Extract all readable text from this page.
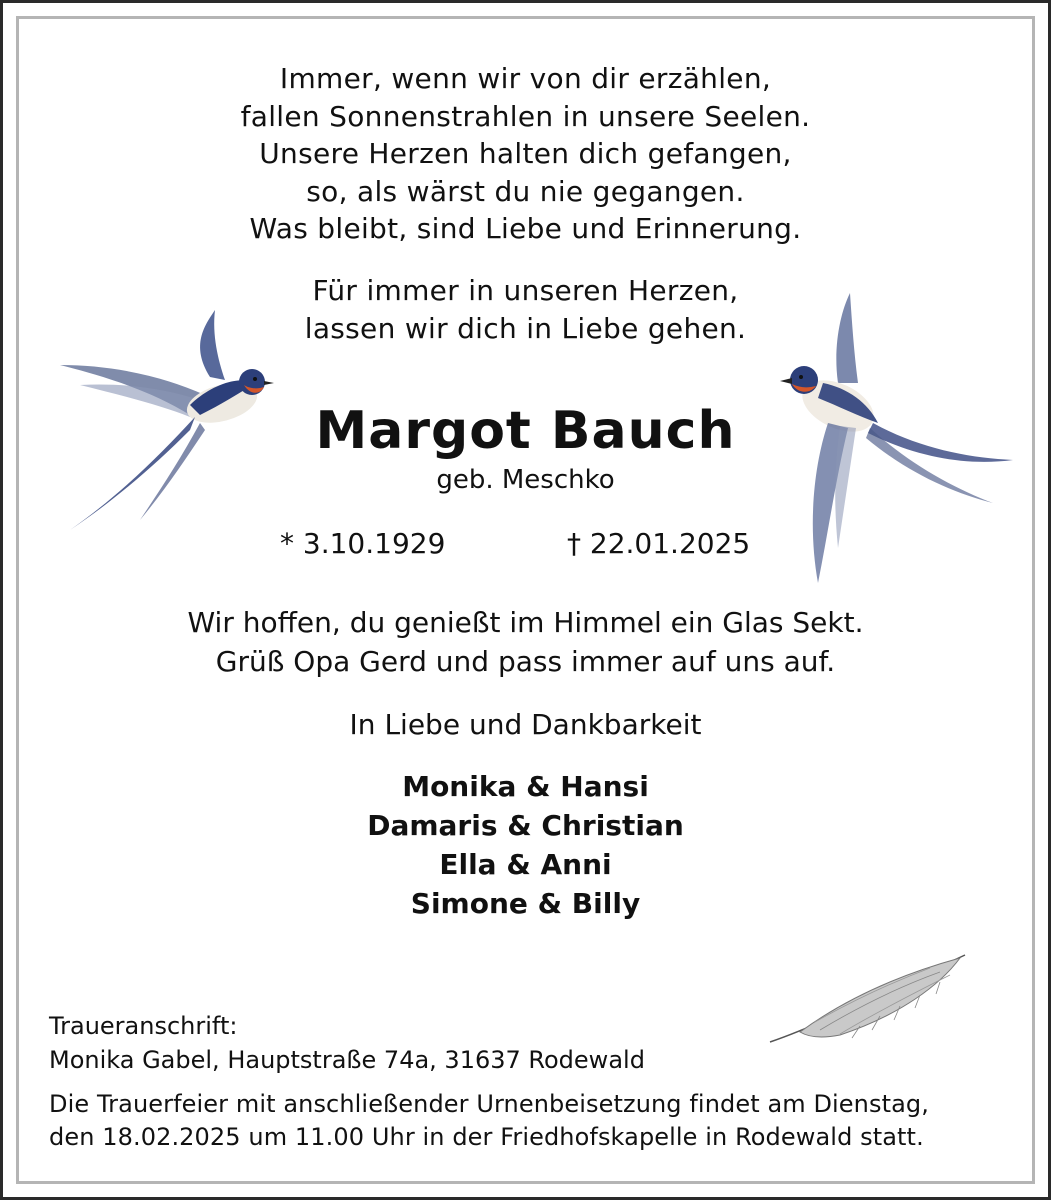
Immer, wenn wir von dir erzählen,
fallen Sonnenstrahlen in unsere Seelen.
Unsere Herzen halten dich gefangen,
so, als wärst du nie gegangen.
Was bleibt, sind Liebe und Erinnerung.
Für immer in unseren Herzen,
lassen wir dich in Liebe gehen.
Margot Bauch
geb. Meschko
* 3.10.1929	† 22.01.2025
Wir hoffen, du genießt im Himmel ein Glas Sekt.
Grüß Opa Gerd und pass immer auf uns auf.
In Liebe und Dankbarkeit
Monika & Hansi
Damaris & Christian
Ella & Anni
Simone & Billy
Traueranschrift:
Monika Gabel, Hauptstraße 74a, 31637 Rodewald
Die Trauerfeier mit anschließender Urnenbeisetzung findet am Dienstag,
den 18.02.2025 um 11.00 Uhr in der Friedhofskapelle in Rodewald statt.
